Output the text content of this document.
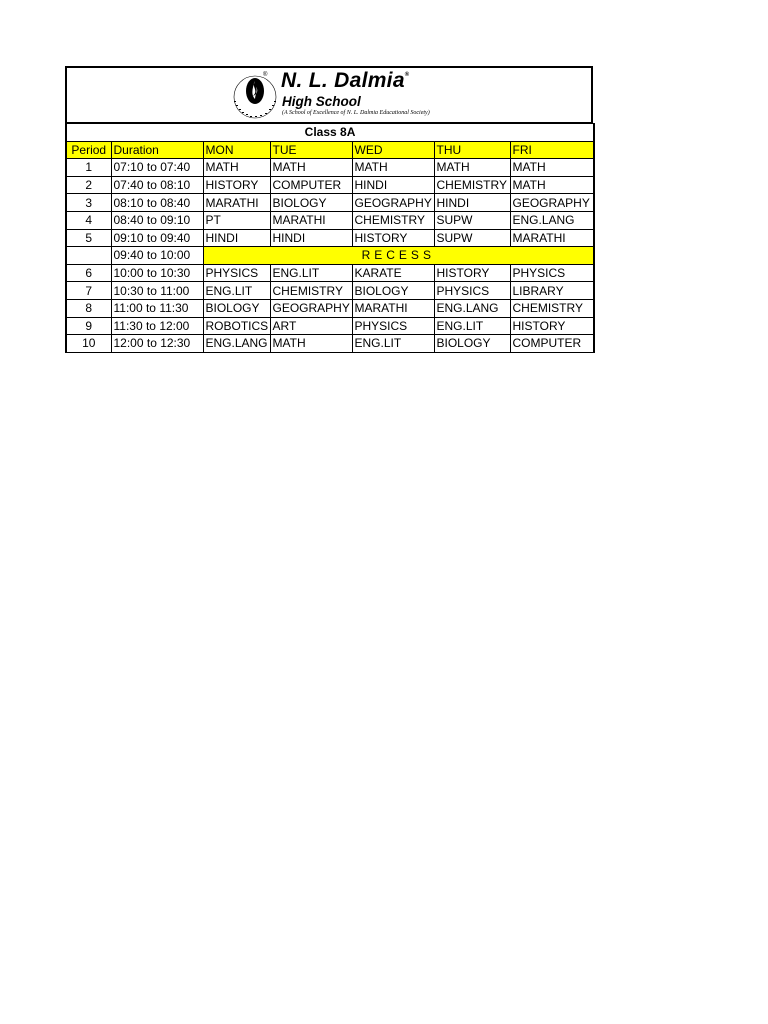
® N. L. Dalmia®
High School
(A School of Excellence of N. L. Dalmia Educational Society)
Class 8A						
Period	Duration	MON	TUE	WED	THU	FRI
1	07:10 to 07:40	MATH	MATH	MATH	MATH	MATH
2	07:40 to 08:10	HISTORY	COMPUTER	HINDI	CHEMISTRY	MATH
3	08:10 to 08:40	MARATHI	BIOLOGY	GEOGRAPHY	HINDI	GEOGRAPHY
4	08:40 to 09:10	PT	MARATHI	CHEMISTRY	SUPW	ENG.LANG
5	09:10 to 09:40	HINDI	HINDI	HISTORY	SUPW	MARATHI
	09:40 to 10:00	RECESS				
6	10:00 to 10:30	PHYSICS	ENG.LIT	KARATE	HISTORY	PHYSICS
7	10:30 to 11:00	ENG.LIT	CHEMISTRY	BIOLOGY	PHYSICS	LIBRARY
8	11:00 to 11:30	BIOLOGY	GEOGRAPHY	MARATHI	ENG.LANG	CHEMISTRY
9	11:30 to 12:00	ROBOTICS	ART	PHYSICS	ENG.LIT	HISTORY
10	12:00 to 12:30	ENG.LANG	MATH	ENG.LIT	BIOLOGY	COMPUTER
